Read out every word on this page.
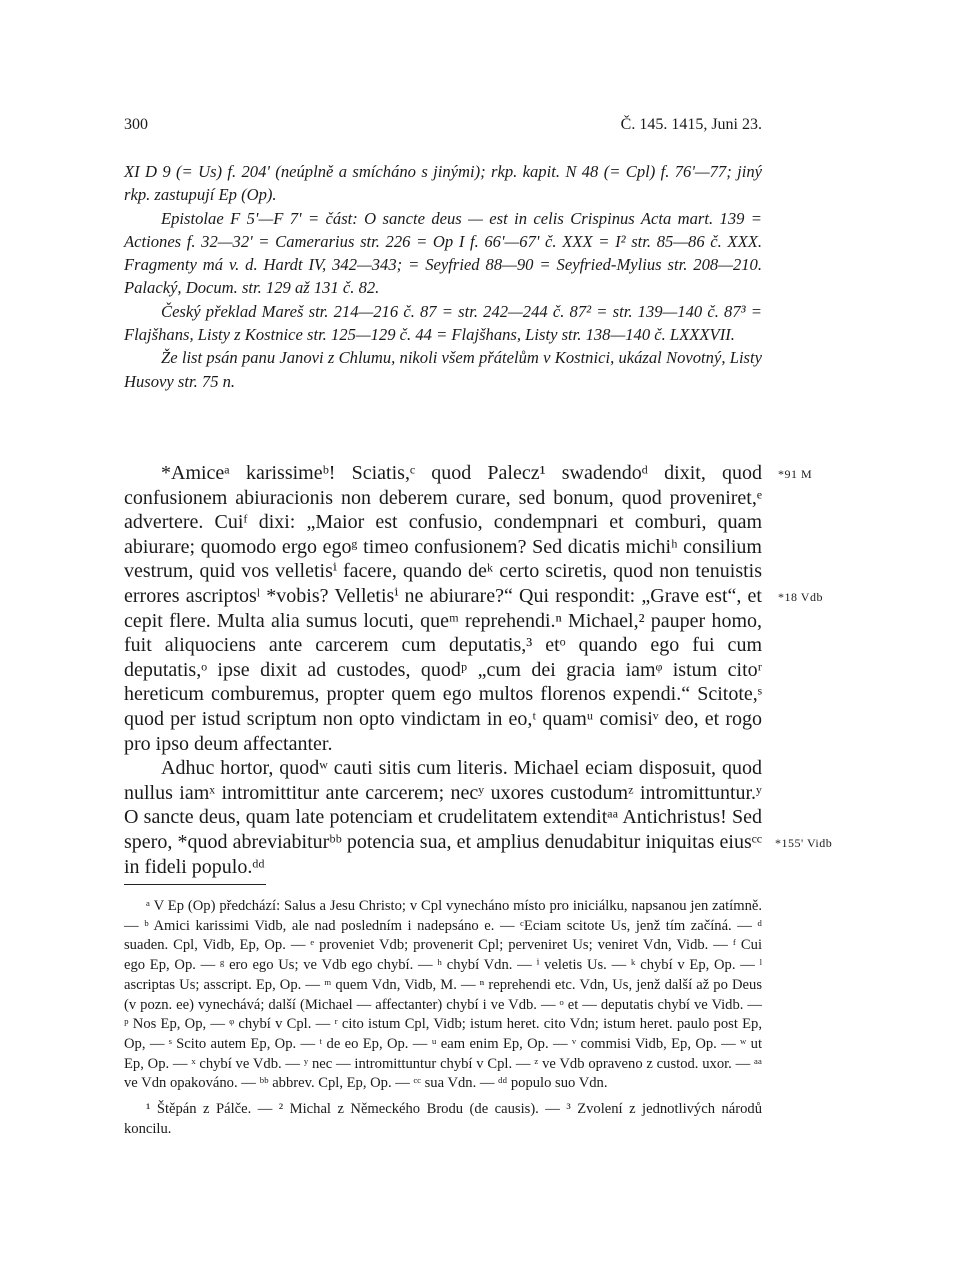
300	Č. 145. 1415, Juni 23.

XI D 9 (= Us) f. 204' (neúplně a smícháno s jinými); rkp. kapit. N 48 (= Cpl) f. 76'—77; jiný rkp. zastupují Ep (Op).

Epistolae F 5'—F 7' = část: O sancte deus — est in celis Crispinus Acta mart. 139 = Actiones f. 32—32' = Camerarius str. 226 = Op I f. 66'—67' č. XXX = I² str. 85—86 č. XXX. Fragmenty má v. d. Hardt IV, 342—343; = Seyfried 88—90 = Seyfried-Mylius str. 208—210. Palacký, Docum. str. 129 až 131 č. 82.

Český překlad Mareš str. 214—216 č. 87 = str. 242—244 č. 87² = str. 139—140 č. 87³ = Flajšhans, Listy z Kostnice str. 125—129 č. 44 = Flajšhans, Listy str. 138—140 č. LXXXVII.

Že list psán panu Janovi z Chlumu, nikoli všem přátelům v Kostnici, ukázal Novotný, Listy Husovy str. 75 n.

*Amiceᵃ karissimeᵇ! Sciatis,ᶜ quod Palecz¹ swadendoᵈ dixit, quod confusionem abiuracionis non deberem curare, sed bonum, quod proveniret,ᵉ advertere. Cuiᶠ dixi: „Maior est confusio, condempnari et comburi, quam abiurare; quomodo ergo egoᵍ timeo confusionem? Sed dicatis michiʰ consilium vestrum, quid vos velletisⁱ facere, quando deᵏ certo sciretis, quod non tenuistis errores ascriptosˡ *vobis? Velletisⁱ ne abiurare?“ Qui respondit: „Grave est“, et cepit flere. Multa alia sumus locuti, queᵐ reprehendi.ⁿ Michael,² pauper homo, fuit aliquociens ante carcerem cum deputatis,³ etᵒ quando ego fui cum deputatis,ᵒ ipse dixit ad custodes, quodᵖ „cum dei gracia iamᵠ istum citoʳ hereticum comburemus, propter quem ego multos florenos expendi.“ Scitote,ˢ quod per istud scriptum non opto vindictam in eo,ᵗ quamᵘ comisiᵛ deo, et rogo pro ipso deum affectanter.

Adhuc hortor, quodʷ cauti sitis cum literis. Michael eciam disposuit, quod nullus iamˣ intromittitur ante carcerem; necʸ uxores custodumᶻ intromittuntur.ʸ O sancte deus, quam late potenciam et crudelitatem extenditᵃᵃ Antichristus! Sed spero, *quod abreviabiturᵇᵇ potencia sua, et amplius denudabitur iniquitas eiusᶜᶜ in fideli populo.ᵈᵈ

*91 M
*18 Vdb
*155' Vidb

ᵃ V Ep (Op) předchází: Salus a Jesu Christo; v Cpl vynecháno místo pro iniciálku, napsanou jen zatímně. — ᵇ Amici karissimi Vidb, ale nad posledním i nadepsáno e. — ᶜEciam scitote Us, jenž tím začíná. — ᵈ suaden. Cpl, Vidb, Ep, Op. — ᵉ proveniet Vdb; provenerit Cpl; perveniret Us; veniret Vdn, Vidb. — ᶠ Cui ego Ep, Op. — ᵍ ero ego Us; ve Vdb ego chybí. — ʰ chybí Vdn. — ⁱ veletis Us. — ᵏ chybí v Ep, Op. — ˡ ascriptas Us; asscript. Ep, Op. — ᵐ quem Vdn, Vidb, M. — ⁿ reprehendi etc. Vdn, Us, jenž další až po Deus (v pozn. ee) vynechává; další (Michael — affectanter) chybí i ve Vdb. — ᵒ et — deputatis chybí ve Vidb. — ᵖ Nos Ep, Op, — ᵠ chybí v Cpl. — ʳ cito istum Cpl, Vidb; istum heret. cito Vdn; istum heret. paulo post Ep, Op, — ˢ Scito autem Ep, Op. — ᵗ de eo Ep, Op. — ᵘ eam enim Ep, Op. — ᵛ commisi Vidb, Ep, Op. — ʷ ut Ep, Op. — ˣ chybí ve Vdb. — ʸ nec — intromittuntur chybí v Cpl. — ᶻ ve Vdb opraveno z custod. uxor. — ᵃᵃ ve Vdn opakováno. — ᵇᵇ abbrev. Cpl, Ep, Op. — ᶜᶜ sua Vdn. — ᵈᵈ populo suo Vdn.

¹ Štěpán z Pálče. — ² Michal z Německého Brodu (de causis). — ³ Zvolení z jednotlivých národů koncilu.
